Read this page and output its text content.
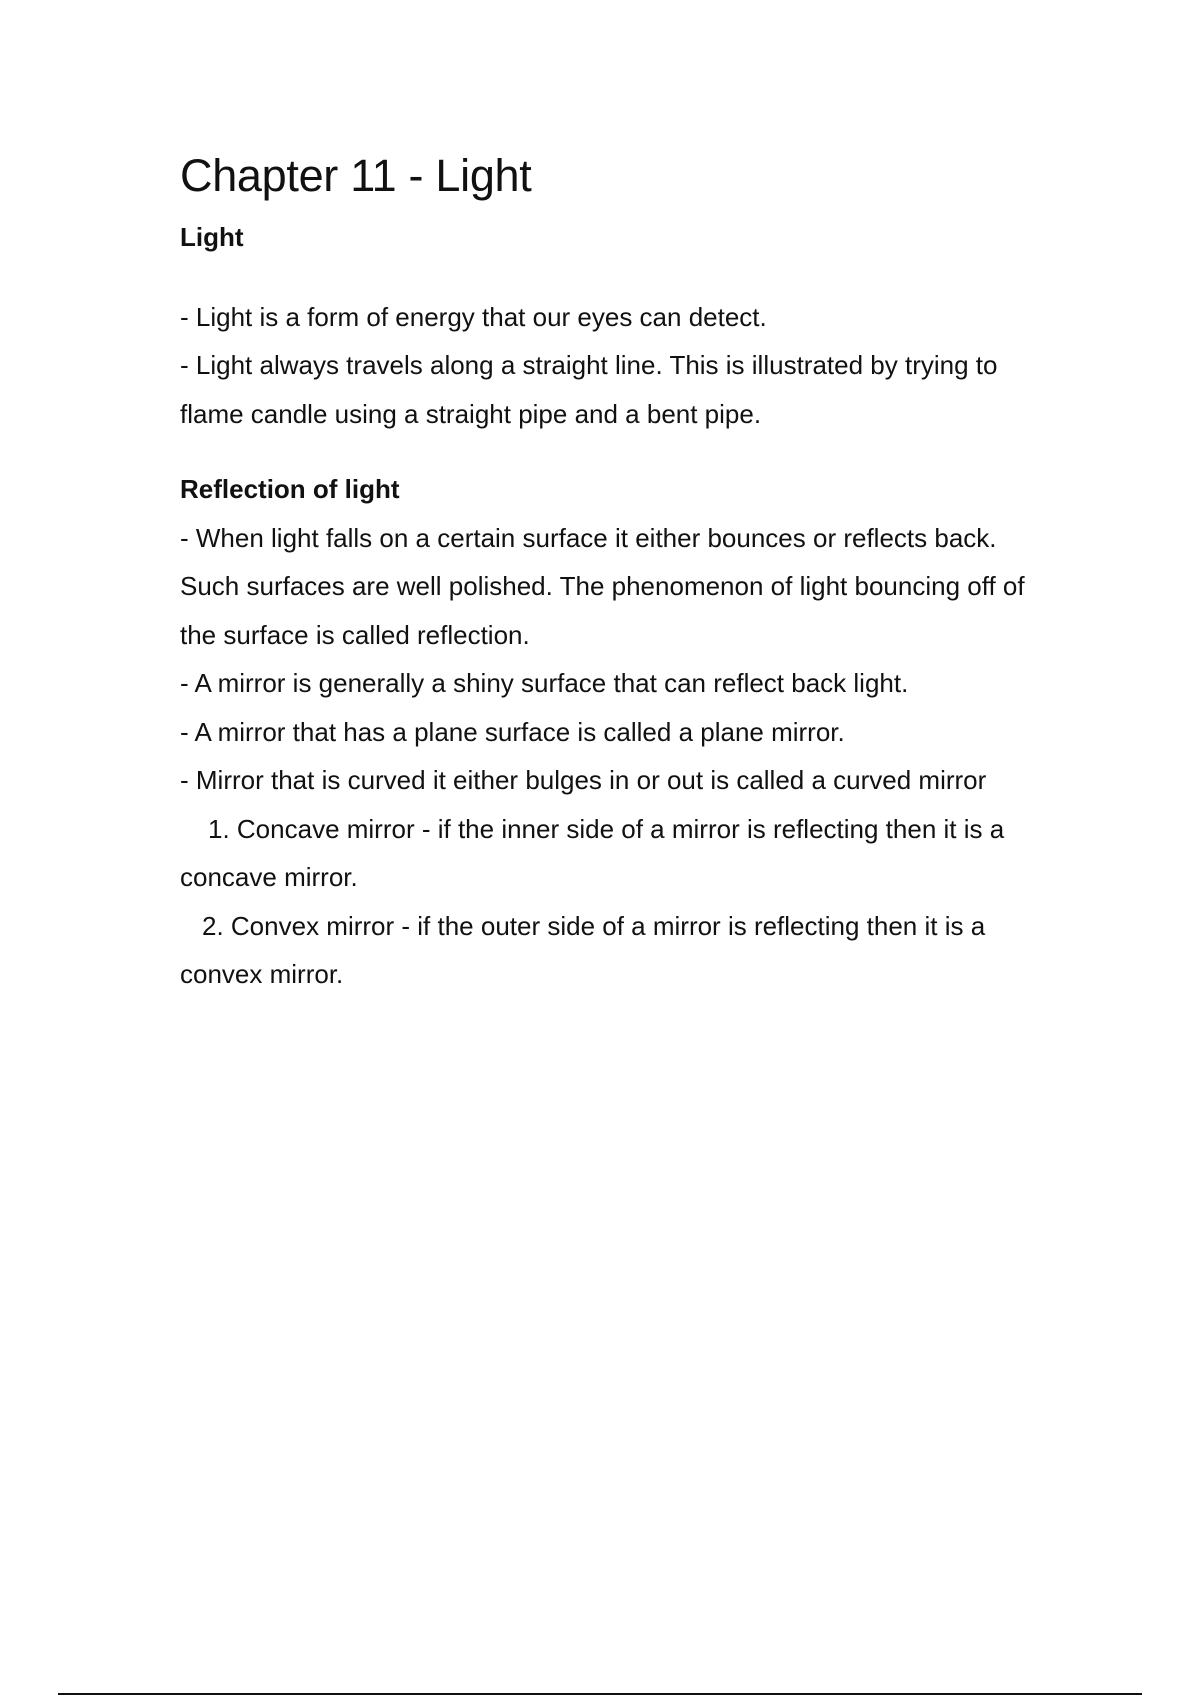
Chapter 11 - Light
Light

- Light is a form of energy that our eyes can detect.

- Light always travels along a straight line. This is illustrated by trying to flame candle using a straight pipe and a bent pipe.

Reflection of light

- When light falls on a certain surface it either bounces or reflects back. Such surfaces are well polished. The phenomenon of light bouncing off of the surface is called reflection.

- A mirror is generally a shiny surface that can reflect back light.

- A mirror that has a plane surface is called a plane mirror.

- Mirror that is curved it either bulges in or out is called a curved mirror

1. Concave mirror - if the inner side of a mirror is reflecting then it is a concave mirror.

2. Convex mirror - if the outer side of a mirror is reflecting then it is a convex mirror.
